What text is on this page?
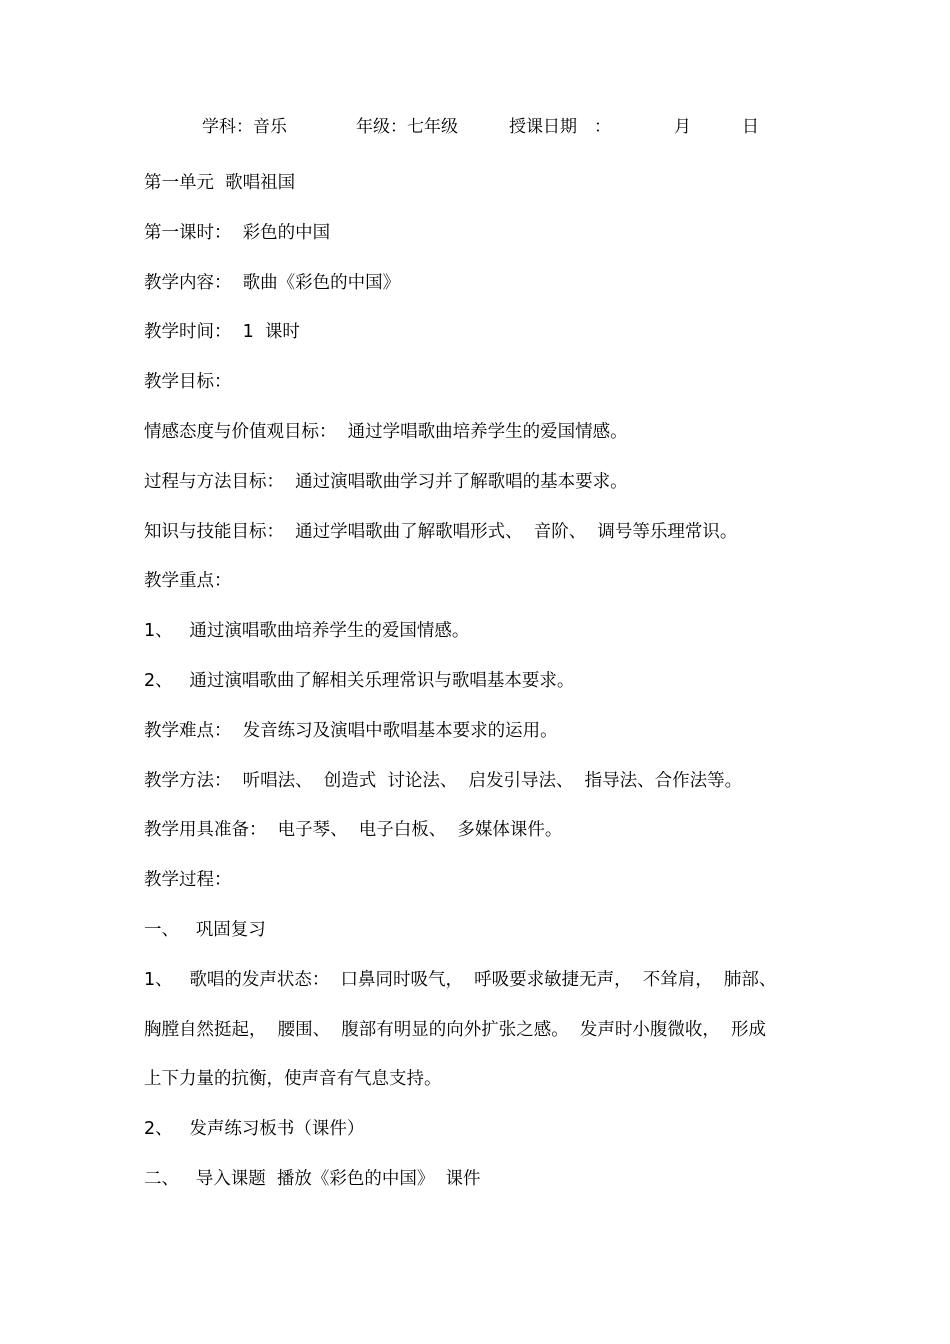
学科：音乐

	年级：七年级

	授课日期　：

	月

	日

第一单元  歌唱祖国
第一课时：  彩色的中国
教学内容：  歌曲《彩色的中国》
教学时间：  1  课时
教学目标：
情感态度与价值观目标：  通过学唱歌曲培养学生的爱国情感。
过程与方法目标：  通过演唱歌曲学习并了解歌唱的基本要求。
知识与技能目标：  通过学唱歌曲了解歌唱形式、  音阶、  调号等乐理常识。
教学重点：
1、   通过演唱歌曲培养学生的爱国情感。
2、   通过演唱歌曲了解相关乐理常识与歌唱基本要求。
教学难点：  发音练习及演唱中歌唱基本要求的运用。
教学方法：  听唱法、  创造式  讨论法、  启发引导法、  指导法、合作法等。
教学用具准备：  电子琴、  电子白板、  多媒体课件。
教学过程：
一、   巩固复习
1、   歌唱的发声状态：  口鼻同时吸气，  呼吸要求敏捷无声，  不耸肩，  肺部、
胸膛自然挺起，  腰围、  腹部有明显的向外扩张之感。  发声时小腹微收，  形成
上下力量的抗衡，使声音有气息支持。
2、   发声练习板书（课件）
二、   导入课题  播放《彩色的中国》  课件
